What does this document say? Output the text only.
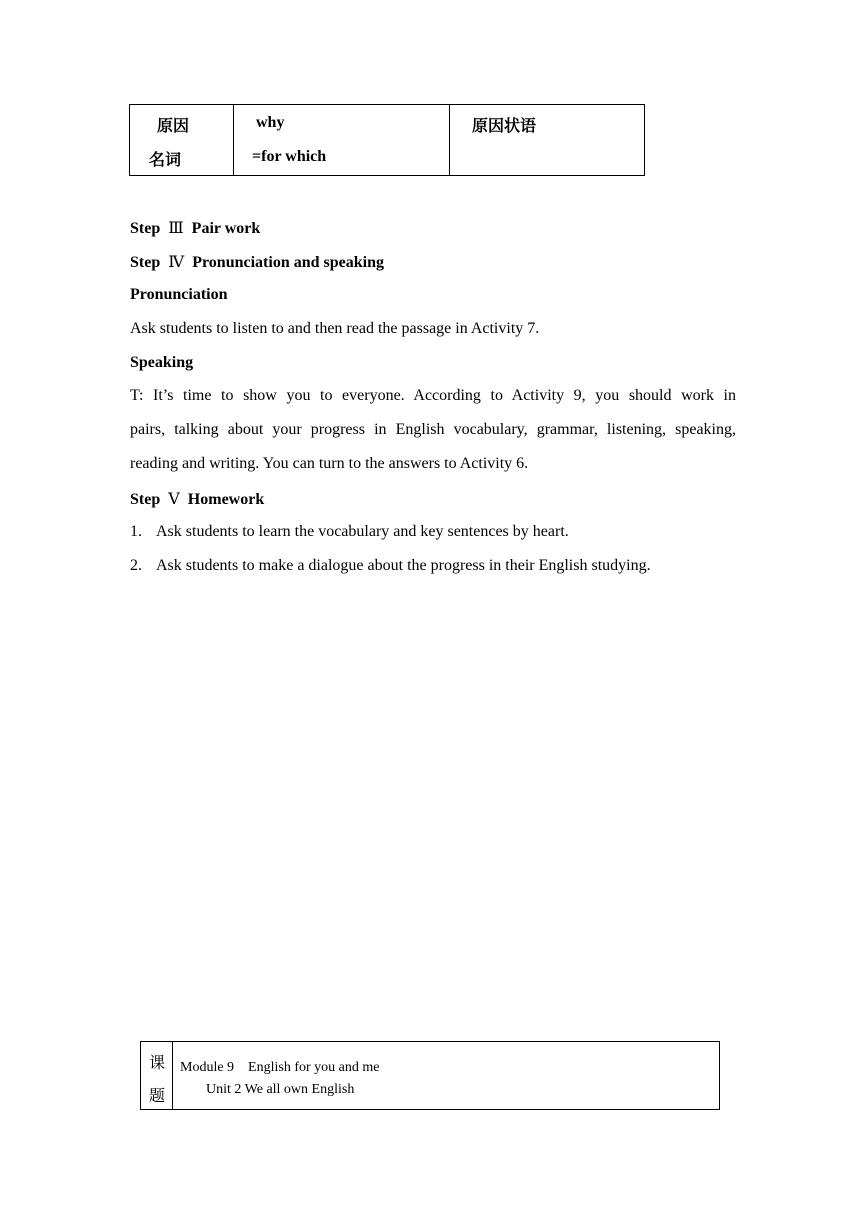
原因
名词

why
=for which

原因状语
Step Ⅲ Pair work
Step Ⅳ Pronunciation and speaking
Pronunciation
Ask students to listen to and then read the passage in Activity 7.
Speaking
T: It’s time to show you to everyone. According to Activity 9, you should work in
pairs, talking about your progress in English vocabulary, grammar, listening, speaking,
reading and writing. You can turn to the answers to Activity 6.
Step Ⅴ Homework
1. Ask students to learn the vocabulary and key sentences by heart.
2. Ask students to make a dialogue about the progress in their English studying.
课
题

Module 9    English for you and me
Unit 2 We all own English
